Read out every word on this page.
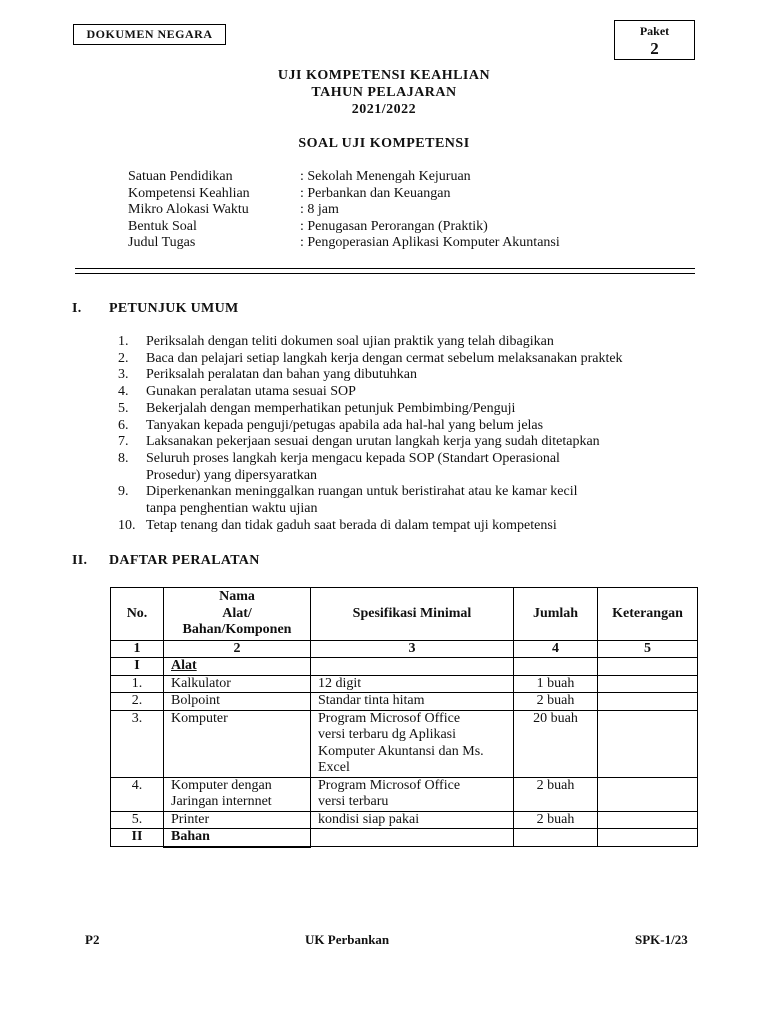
DOKUMEN NEGARA	Paket
2
UJI KOMPETENSI KEAHLIAN
TAHUN PELAJARAN
2021/2022
SOAL UJI KOMPETENSI
Satuan Pendidikan	: Sekolah Menengah Kejuruan
Kompetensi Keahlian	: Perbankan dan Keuangan
Mikro Alokasi Waktu	: 8 jam
Bentuk Soal	: Penugasan Perorangan (Praktik)
Judul Tugas	: Pengoperasian Aplikasi Komputer Akuntansi
I. PETUNJUK UMUM
1.	Periksalah dengan teliti dokumen soal ujian praktik yang telah dibagikan
2.	Baca dan pelajari setiap langkah kerja dengan cermat sebelum melaksanakan praktek
3.	Periksalah peralatan dan bahan yang dibutuhkan
4.	Gunakan peralatan utama sesuai SOP
5.	Bekerjalah dengan memperhatikan petunjuk Pembimbing/Penguji
6.	Tanyakan kepada penguji/petugas apabila ada hal-hal yang belum jelas
7.	Laksanakan pekerjaan sesuai dengan urutan langkah kerja yang sudah ditetapkan
8.	Seluruh proses langkah kerja mengacu kepada SOP (Standart Operasional
Prosedur) yang dipersyaratkan
9.	Diperkenankan meninggalkan ruangan untuk beristirahat atau ke kamar kecil
tanpa penghentian waktu ujian
10. Tetap tenang dan tidak gaduh saat berada di dalam tempat uji kompetensi
II. DAFTAR PERALATAN
No.	Nama
Alat/
Bahan/Komponen	Spesifikasi Minimal	Jumlah	Keterangan
1	2	3	4	5
I	Alat			
1.	Kalkulator	12 digit	1 buah	
2.	Bolpoint	Standar tinta hitam	2 buah	
3.	Komputer	Program Microsof Office
versi terbaru dg Aplikasi
Komputer Akuntansi dan Ms.
Excel	20 buah	
4.	Komputer dengan
Jaringan internnet	Program Microsof Office
versi terbaru	2 buah	
5.	Printer	kondisi siap pakai	2 buah	
II	Bahan			
P2	UK Perbankan	SPK-1/23
